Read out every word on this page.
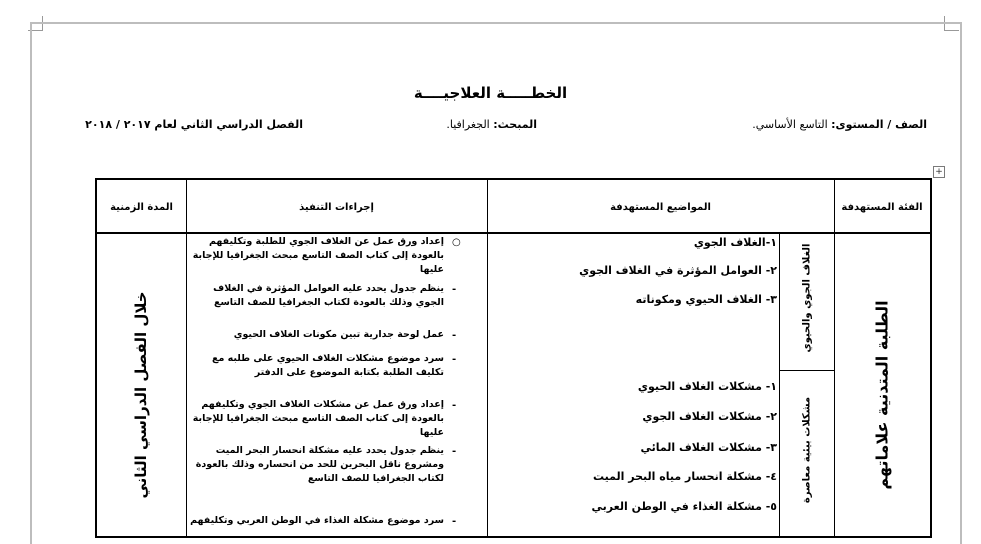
الخطـــــة العلاجيــــة
الصف / المستوى: التاسع الأساسي.
المبحث: الجغرافيا.
الفصل الدراسي الثاني لعام ٢٠١٧ / ٢٠١٨
+
الفئة المستهدفة
المواضيع المستهدفة
إجراءات التنفيذ
المدة الزمنية
الطلبة المتدنية علاماتهم
خلال الفصل الدراسي الثاني	الغلاف الجوي والحيوي
مشكلات بيئية معاصرة
١-الغلاف الجوي
٢- العوامل المؤثرة في الغلاف الجوي
٣- الغلاف الحيوي ومكوناته
١- مشكلات الغلاف الحيوي
٢- مشكلات الغلاف الجوي
٣- مشكلات الغلاف المائي
٤- مشكلة انحسار مياه البحر الميت
٥- مشكلة الغذاء في الوطن العربي
○
إعداد ورق عمل عن الغلاف الجوي للطلبة وتكليفهم بالعودة إلى كتاب الصف التاسع مبحث الجغرافيا للإجابة عليها
-
ينظم جدول يحدد عليه العوامل المؤثرة في الغلاف الجوي وذلك بالعودة لكتاب الجغرافيا للصف التاسع
-
عمل لوحة جدارية تبين مكونات الغلاف الحيوي
-
سرد موضوع مشكلات الغلاف الحيوي على طلبه مع تكليف الطلبة بكتابة الموضوع على الدفتر
-
إعداد ورق عمل عن مشكلات الغلاف الجوي وتكليفهم بالعودة إلى كتاب الصف التاسع مبحث الجغرافيا للإجابة عليها
-
ينظم جدول يحدد عليه مشكلة انحسار البحر الميت ومشروع ناقل البحرين للحد من انحساره وذلك بالعودة لكتاب الجغرافيا للصف التاسع
-
سرد موضوع مشكلة الغذاء في الوطن العربي وتكليفهم
